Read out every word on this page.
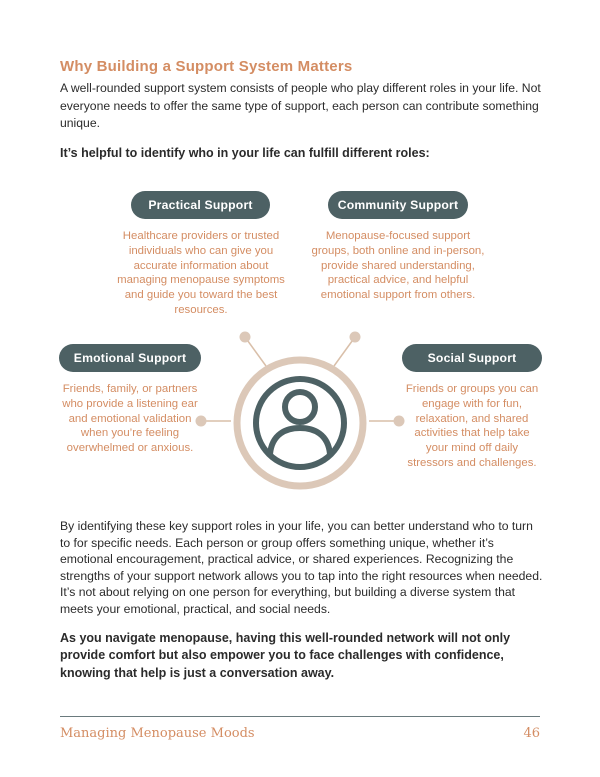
Why Building a Support System Matters
A well-rounded support system consists of people who play different roles in your life. Not everyone needs to offer the same type of support, each person can contribute something unique.
It’s helpful to identify who in your life can fulfill different roles:
Practical Support
Healthcare providers or trusted individuals who can give you accurate information about managing menopause symptoms and guide you toward the best resources.
Community Support
Menopause-focused support groups, both online and in-person, provide shared understanding, practical advice, and helpful emotional support from others.
Emotional Support
Friends, family, or partners who provide a listening ear and emotional validation when you’re feeling overwhelmed or anxious.
Social Support
Friends or groups you can engage with for fun, relaxation, and shared activities that help take your mind off daily stressors and challenges.
By identifying these key support roles in your life, you can better understand who to turn to for specific needs. Each person or group offers something unique, whether it’s emotional encouragement, practical advice, or shared experiences. Recognizing the strengths of your support network allows you to tap into the right resources when needed. It’s not about relying on one person for everything, but building a diverse system that meets your emotional, practical, and social needs.
As you navigate menopause, having this well-rounded network will not only provide comfort but also empower you to face challenges with confidence, knowing that help is just a conversation away.
Managing Menopause Moods	46
